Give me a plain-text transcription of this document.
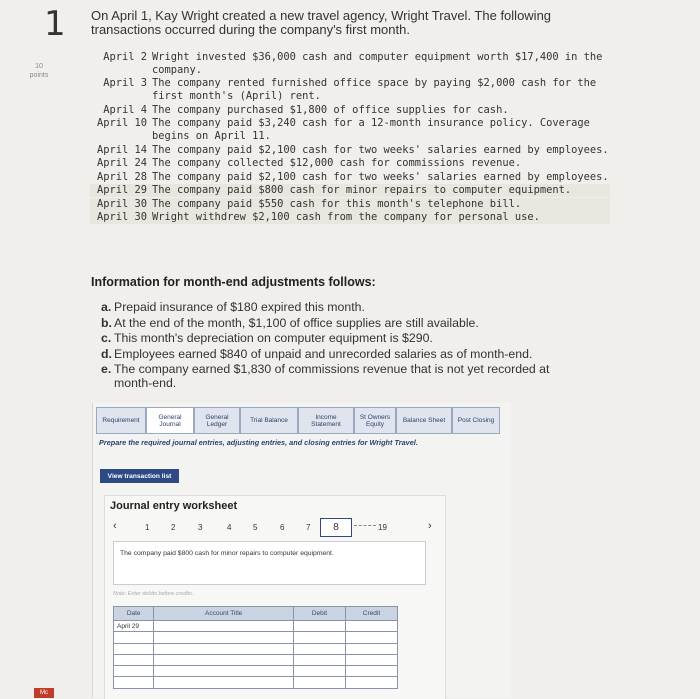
1
10
points
On April 1, Kay Wright created a new travel agency, Wright Travel. The following transactions occurred during the company's first month.
April 2 Wright invested $36,000 cash and computer equipment worth $17,400 in the company.
April 3 The company rented furnished office space by paying $2,000 cash for the first month's (April) rent.
April 4 The company purchased $1,800 of office supplies for cash.
April 10 The company paid $3,240 cash for a 12-month insurance policy. Coverage begins on April 11.
April 14 The company paid $2,100 cash for two weeks' salaries earned by employees.
April 24 The company collected $12,000 cash for commissions revenue.
April 28 The company paid $2,100 cash for two weeks' salaries earned by employees.
April 29 The company paid $800 cash for minor repairs to computer equipment.
April 30 The company paid $550 cash for this month's telephone bill.
April 30 Wright withdrew $2,100 cash from the company for personal use.
Information for month-end adjustments follows:
a. Prepaid insurance of $180 expired this month.
b. At the end of the month, $1,100 of office supplies are still available.
c. This month's depreciation on computer equipment is $290.
d. Employees earned $840 of unpaid and unrecorded salaries as of month-end.
e. The company earned $1,830 of commissions revenue that is not yet recorded at month-end.
Requirement	General Journal
General Ledger	Trial Balance	Income Statement
St Owners Equity	Balance Sheet	Post Closing
Prepare the required journal entries, adjusting entries, and closing entries for Wright Travel.
View transaction list
Journal entry worksheet
‹	1	2	3	4	5	6	7	8	19	›
The company paid $800 cash for minor repairs to computer equipment.
Note: Enter debits before credits.
Date	Account Title	Debit	Credit
April 29			

Mc
